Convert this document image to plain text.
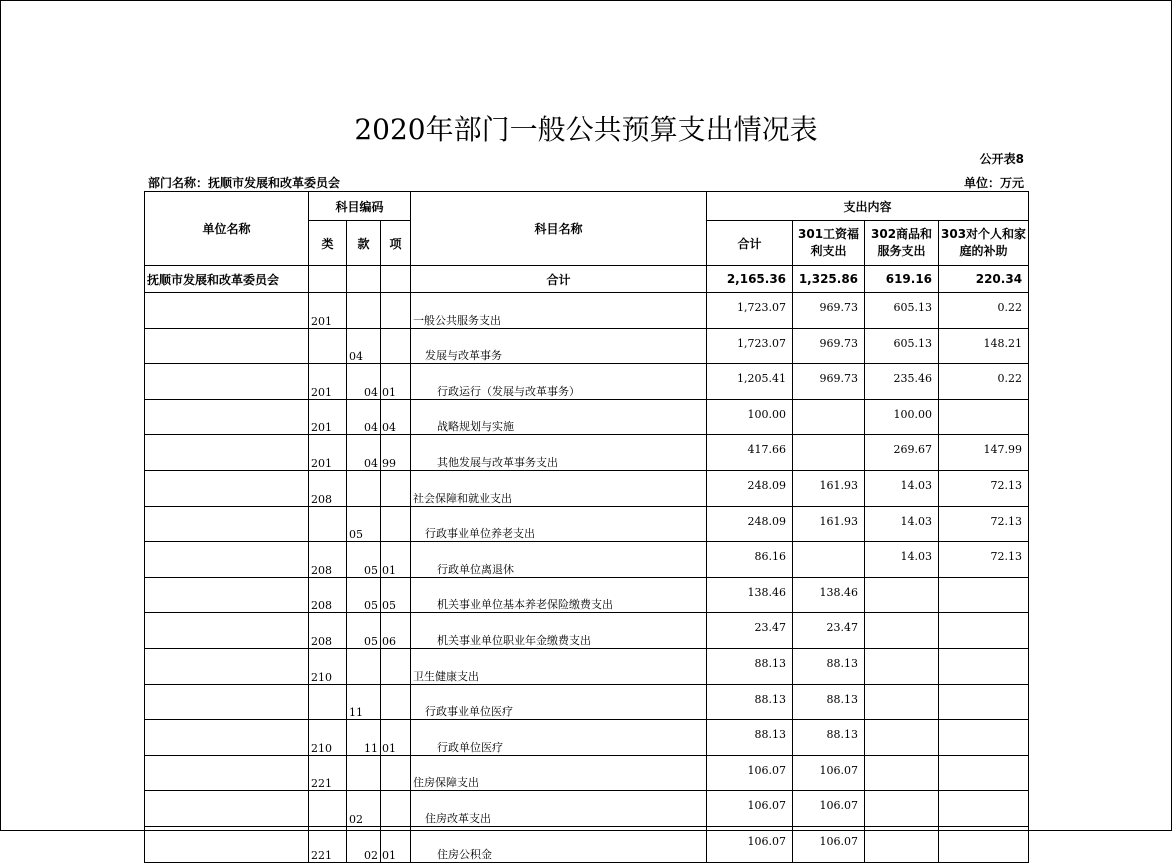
2020年部门一般公共预算支出情况表
公开表8
部门名称：抚顺市发展和改革委员会	单位：万元
单位名称	科目编码			科目名称	支出内容			
	类	款	项		合计	301工资福利支出	302商品和服务支出	303对个人和家庭的补助
抚顺市发展和改革委员会				合计	2,165.36	1,325.86	619.16	220.34
	201			一般公共服务支出	1,723.07	969.73	605.13	0.22
		04		发展与改革事务	1,723.07	969.73	605.13	148.21
	201	04	01	行政运行（发展与改革事务）	1,205.41	969.73	235.46	0.22
	201	04	04	战略规划与实施	100.00		100.00	
	201	04	99	其他发展与改革事务支出	417.66		269.67	147.99
	208			社会保障和就业支出	248.09	161.93	14.03	72.13
		05		行政事业单位养老支出	248.09	161.93	14.03	72.13
	208	05	01	行政单位离退休	86.16		14.03	72.13
	208	05	05	机关事业单位基本养老保险缴费支出	138.46	138.46		
	208	05	06	机关事业单位职业年金缴费支出	23.47	23.47		
	210			卫生健康支出	88.13	88.13		
		11		行政事业单位医疗	88.13	88.13		
	210	11	01	行政单位医疗	88.13	88.13		
	221			住房保障支出	106.07	106.07		
		02		住房改革支出	106.07	106.07		
	221	02	01	住房公积金	106.07	106.07		
